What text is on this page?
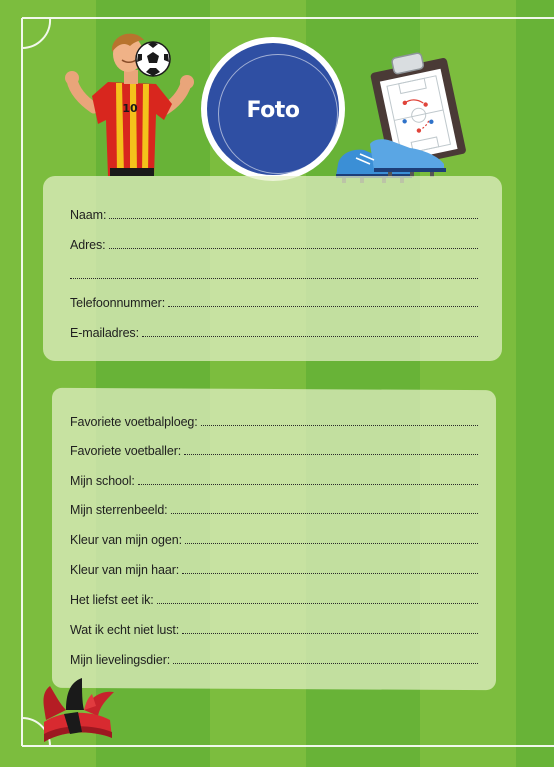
10	Foto
Naam:
Adres:
Telefoonnummer:
E-mailadres:
Favoriete voetbalploeg:
Favoriete voetballer:
Mijn school:
Mijn sterrenbeeld:
Kleur van mijn ogen:
Kleur van mijn haar:
Het liefst eet ik:
Wat ik echt niet lust:
Mijn lievelingsdier:
